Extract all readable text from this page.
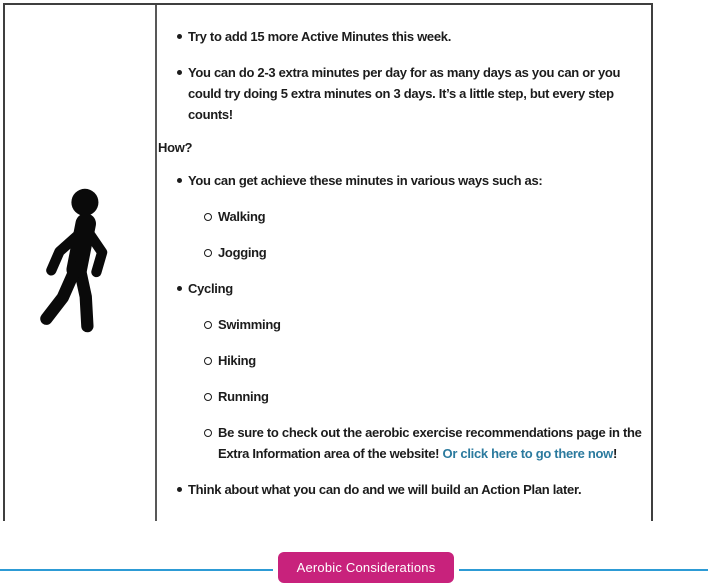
Try to add 15 more Active Minutes this week.
You can do 2-3 extra minutes per day for as many days as you can or you could try doing 5 extra minutes on 3 days. It’s a little step, but every step counts!

How?

You can get achieve these minutes in various ways such as:
Walking
Jogging
Cycling
Swimming
Hiking
Running
Be sure to check out the aerobic exercise recommendations page in the Extra Information area of the website! Or click here to go there now!
Think about what you can do and we will build an Action Plan later.
Aerobic Considerations
